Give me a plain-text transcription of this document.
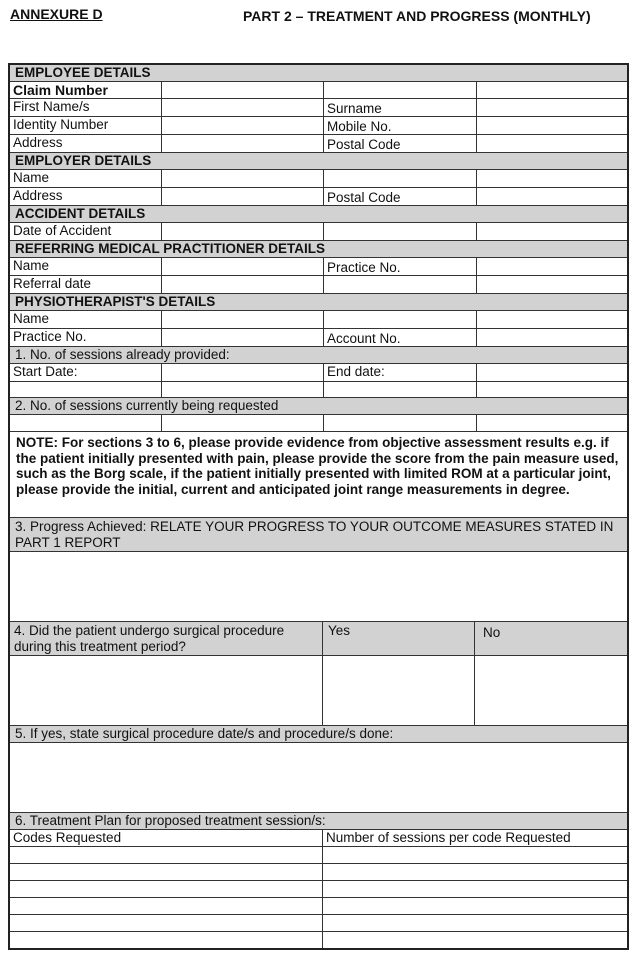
ANNEXURE D	PART 2 – TREATMENT AND PROGRESS (MONTHLY)
EMPLOYEE DETAILS
Claim Number
First Name/s	Surname
Identity Number	Mobile No.
Address	Postal Code
EMPLOYER DETAILS
Name
Address	Postal Code
ACCIDENT DETAILS
Date of Accident
REFERRING MEDICAL PRACTITIONER DETAILS
Name	Practice No.
Referral date
PHYSIOTHERAPIST'S DETAILS
Name
Practice No.	Account No.
1. No. of sessions already provided:
Start Date:	End date:
2. No. of sessions currently being requested
NOTE: For sections 3 to 6, please provide evidence from objective assessment results e.g. if the patient initially presented with pain, please provide the score from the pain measure used, such as the Borg scale, if the patient initially presented with limited ROM at a particular joint, please provide the initial, current and anticipated joint range measurements in degree.
3. Progress Achieved: RELATE YOUR PROGRESS TO YOUR OUTCOME MEASURES STATED IN PART 1 REPORT
4. Did the patient undergo surgical procedure during this treatment period?
Yes	No
5. If yes, state surgical procedure date/s and procedure/s done:
6. Treatment Plan for proposed treatment session/s:
Codes Requested	Number of sessions per code Requested
